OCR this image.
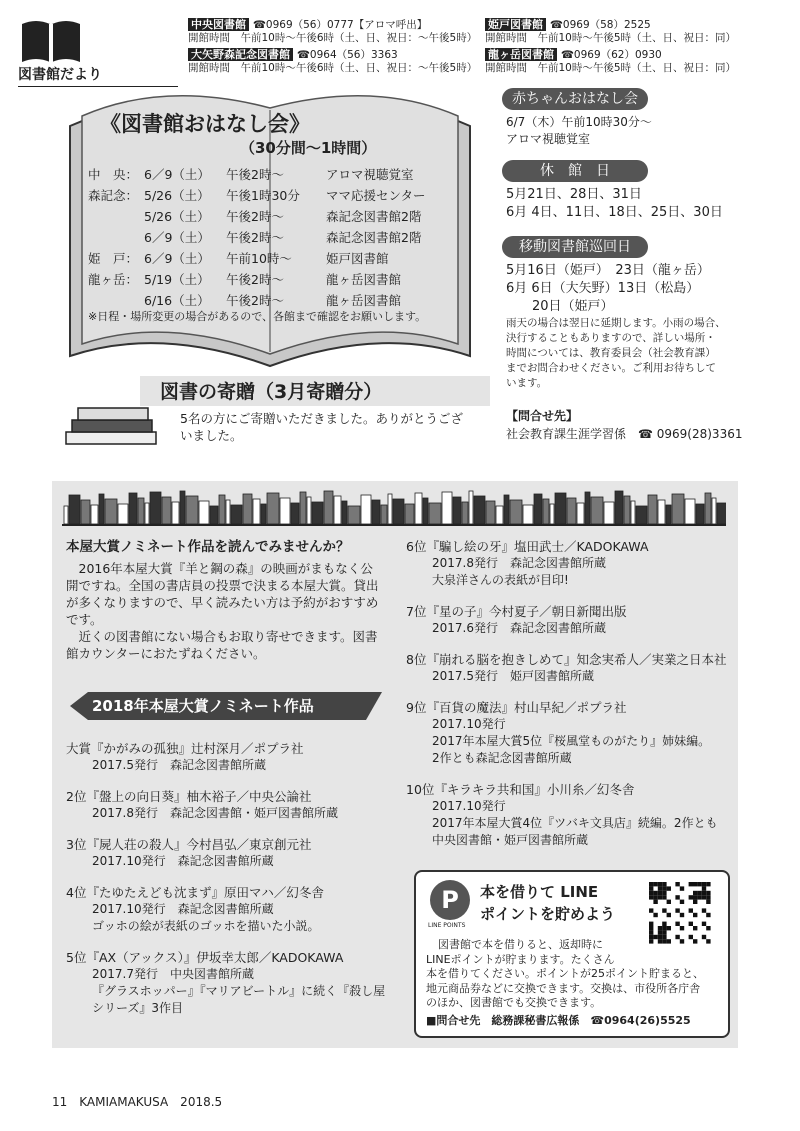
図書館だより
中央図書館 ☎0969（56）0777【アロマ呼出】
開館時間　午前10時〜午後6時（土、日、祝日：〜午後5時）
大矢野森記念図書館 ☎0964（56）3363
開館時間　午前10時〜午後6時（土、日、祝日：〜午後5時）
姫戸図書館 ☎0969（58）2525
開館時間　午前10時〜午後5時（土、日、祝日：同）
龍ヶ岳図書館 ☎0969（62）0930
開館時間　午前10時〜午後5時（土、日、祝日：同）
《図書館おはなし会》
（30分間〜1時間）
中　央： 6／9（土）	午後2時〜	アロマ視聴覚室
森記念： 5/26（土）	午後1時30分	ママ応援センター
5/26（土）	午後2時〜	森記念図書館2階
6／9（土）	午後2時〜	森記念図書館2階
姫　戸： 6／9（土）	午前10時〜	姫戸図書館
龍ヶ岳： 5/19（土）	午後2時〜	龍ヶ岳図書館
6/16（土）	午後2時〜	龍ヶ岳図書館
※日程・場所変更の場合があるので、各館まで確認をお願いします。
赤ちゃんおはなし会
6/7（木）午前10時30分〜
アロマ視聴覚室
休　館　日
5月21日、28日、31日
6月 4日、11日、18日、25日、30日
移動図書館巡回日
5月16日（姫戸）　23日（龍ヶ岳）
6月 6日（大矢野）13日（松島）
　　20日（姫戸）
雨天の場合は翌日に延期します。小雨の場合、
決行することもありますので、詳しい場所・
時間については、教育委員会（社会教育課）
までお問合わせください。ご利用お待ちして
います。
【問合せ先】
社会教育課生涯学習係　☎ 0969(28)3361
図書の寄贈（3月寄贈分）
5名の方にご寄贈いただきました。ありがとうござ
いました。
本屋大賞ノミネート作品を読んでみませんか？
　2016年本屋大賞『羊と鋼の森』の映画がまもなく公
開ですね。全国の書店員の投票で決まる本屋大賞。貸出
が多くなりますので、早く読みたい方は予約がおすすめ
です。
　近くの図書館にない場合もお取り寄せできます。図書
館カウンターにおたずねください。
2018年本屋大賞ノミネート作品
大賞『かがみの孤独』辻村深月／ポプラ社
2017.5発行　森記念図書館所蔵
2位『盤上の向日葵』柚木裕子／中央公論社
2017.8発行　森記念図書館・姫戸図書館所蔵
3位『屍人荘の殺人』今村昌弘／東京創元社
2017.10発行　森記念図書館所蔵
4位『たゆたえども沈まず』原田マハ／幻冬舎
2017.10発行　森記念図書館所蔵
ゴッホの絵が表紙のゴッホを描いた小説。
5位『AX（アックス）』伊坂幸太郎／KADOKAWA
2017.7発行　中央図書館所蔵
『グラスホッパー』『マリアビートル』に続く『殺し屋
シリーズ』3作目
6位『騙し絵の牙』塩田武士／KADOKAWA
2017.8発行　森記念図書館所蔵
大泉洋さんの表紙が目印!
7位『星の子』今村夏子／朝日新聞出版
2017.6発行　森記念図書館所蔵
8位『崩れる脳を抱きしめて』知念実希人／実業之日本社
2017.5発行　姫戸図書館所蔵
9位『百貨の魔法』村山早紀／ポプラ社
2017.10発行
2017年本屋大賞5位『桜風堂ものがたり』姉妹編。
2作とも森記念図書館所蔵
10位『キラキラ共和国』小川糸／幻冬舎
2017.10発行
2017年本屋大賞4位『ツバキ文具店』続編。2作とも
中央図書館・姫戸図書館所蔵
P
LINE POINTS
本を借りて LINE
ポイントを貯めよう
図書館で本を借りると、返却時に
LINEポイントが貯まります。たくさん
本を借りてください。ポイントが25ポイント貯まると、
地元商品券などに交換できます。交換は、市役所各庁舎
のほか、図書館でも交換できます。
■問合せ先　総務課秘書広報係　☎0964(26)5525
11　KAMIAMAKUSA　2018.5
